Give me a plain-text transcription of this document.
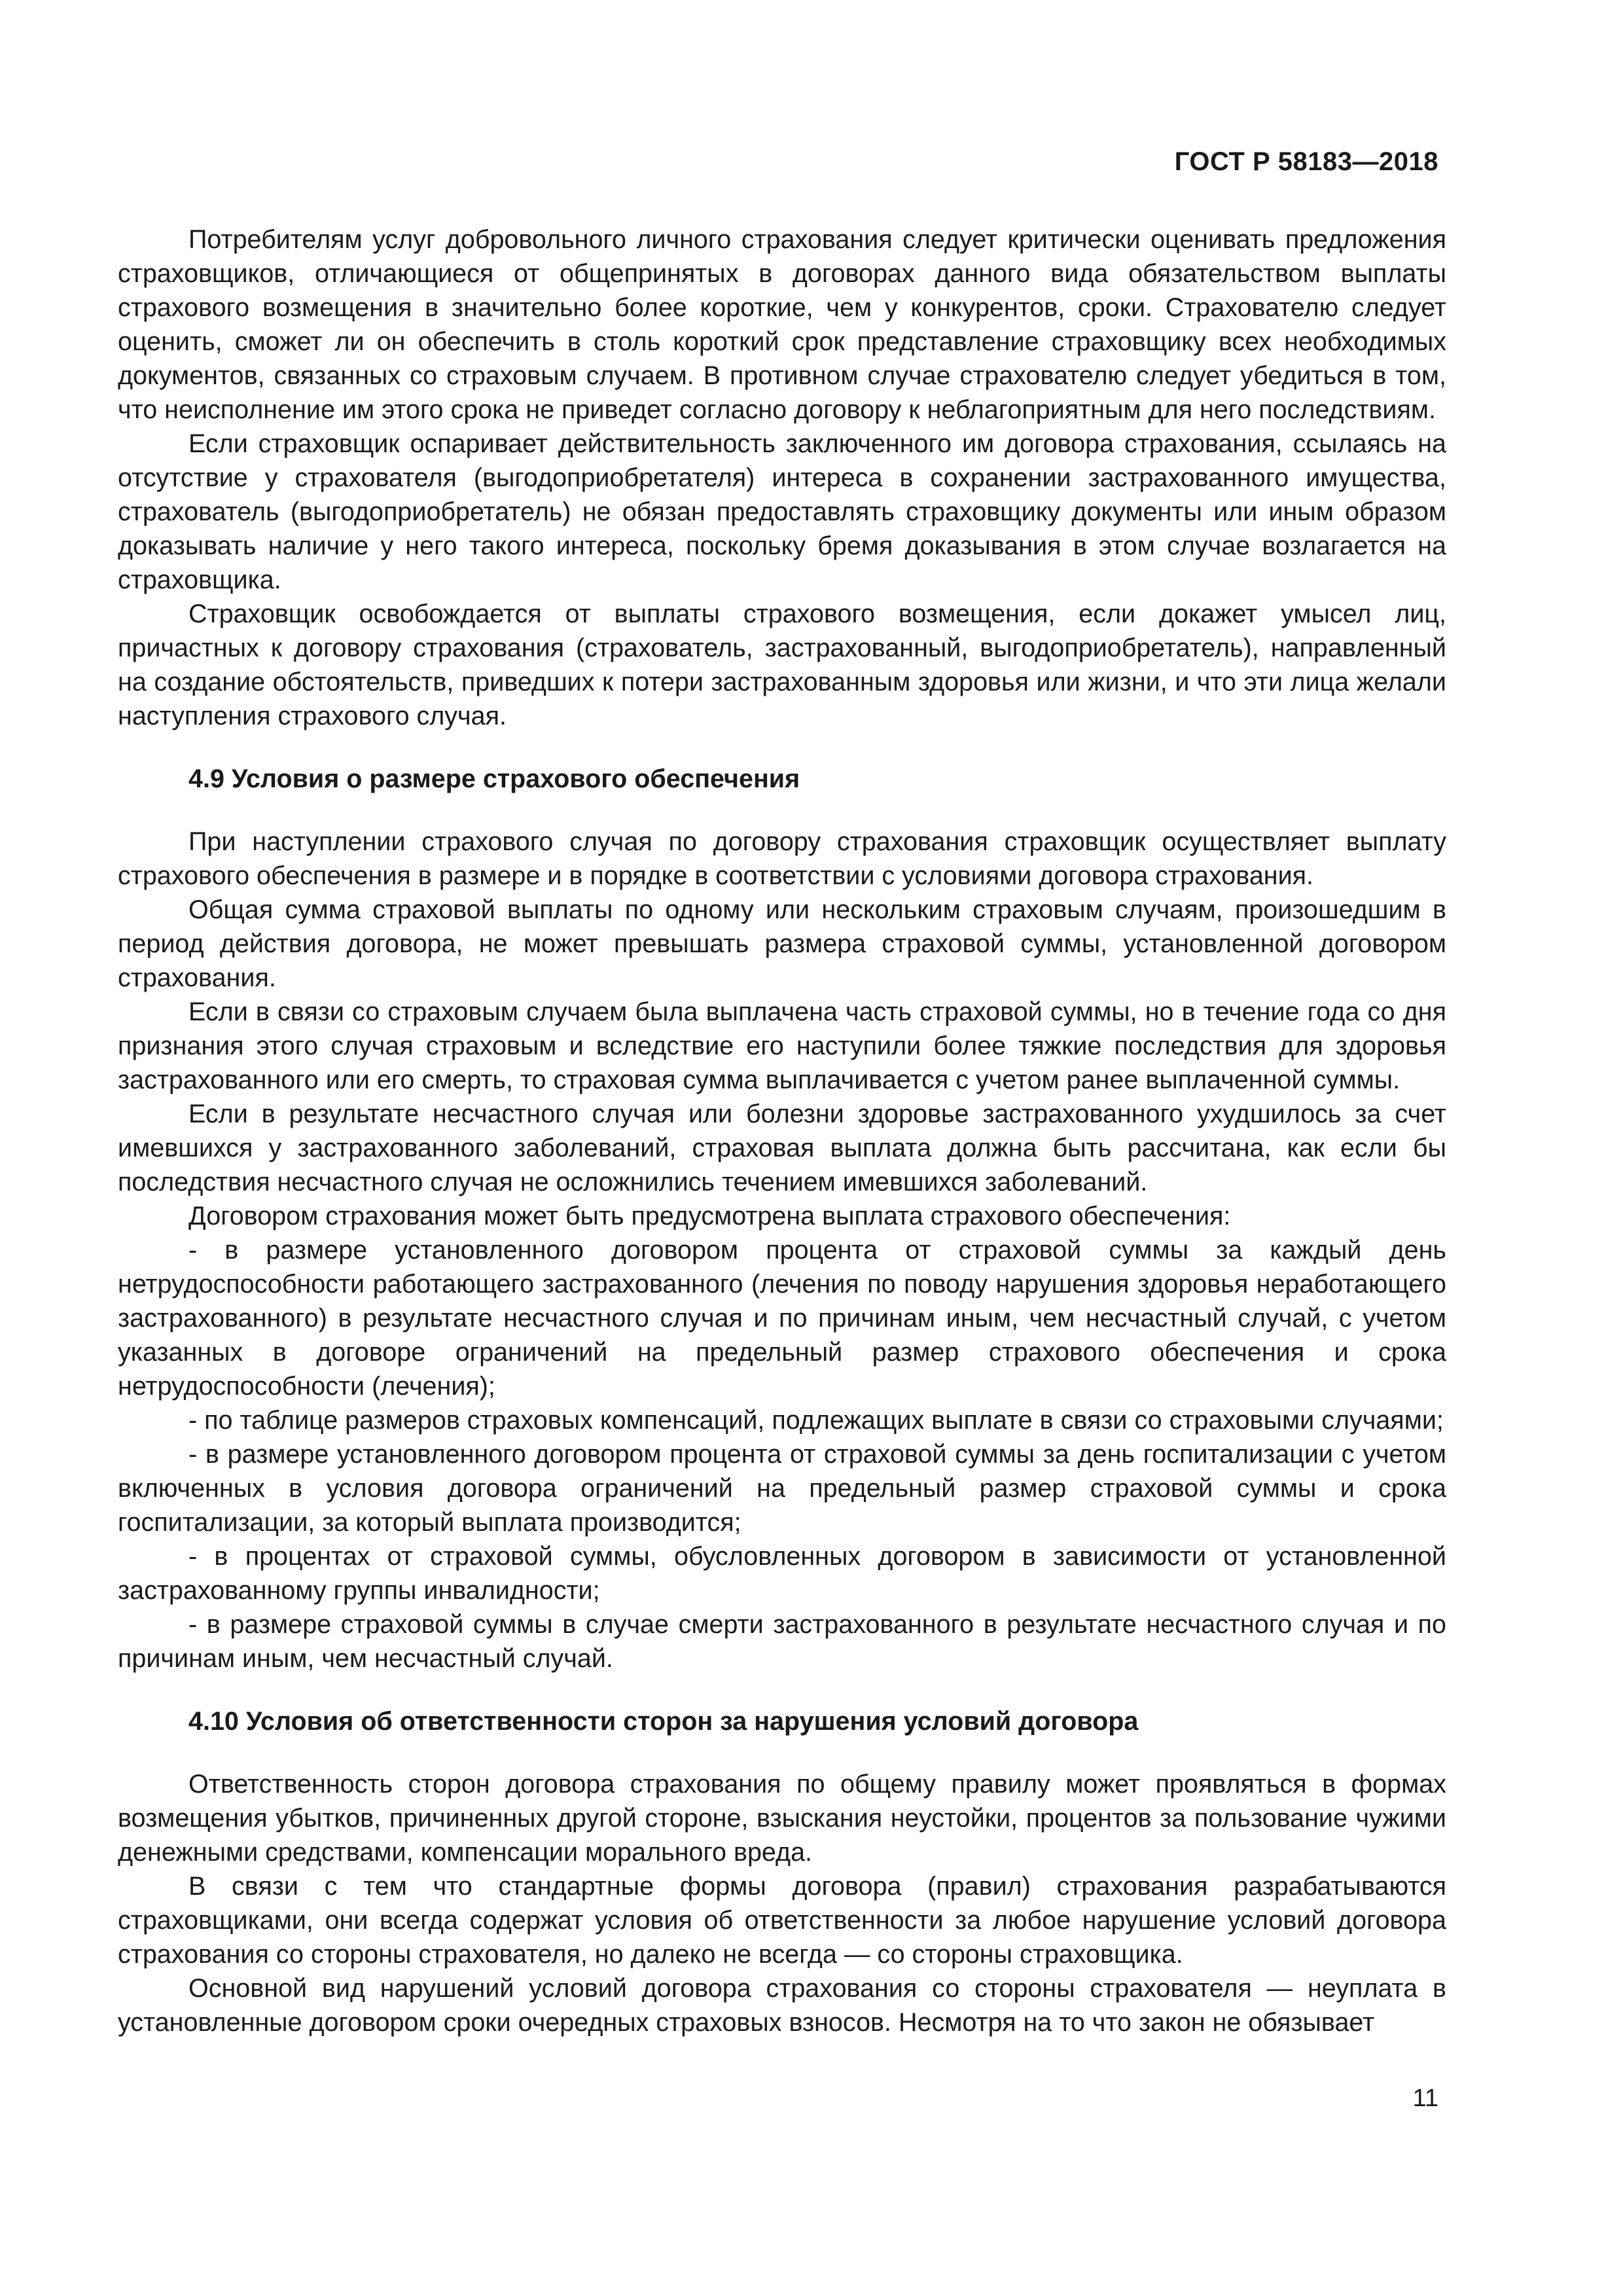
ГОСТ Р 58183—2018

Потребителям услуг добровольного личного страхования следует критически оценивать предложения страховщиков, отличающиеся от общепринятых в договорах данного вида обязательством выплаты страхового возмещения в значительно более короткие, чем у конкурентов, сроки. Страхователю следует оценить, сможет ли он обеспечить в столь короткий срок представление страховщику всех необходимых документов, связанных со страховым случаем. В противном случае страхователю следует убедиться в том, что неисполнение им этого срока не приведет согласно договору к неблагоприятным для него последствиям.

Если страховщик оспаривает действительность заключенного им договора страхования, ссылаясь на отсутствие у страхователя (выгодоприобретателя) интереса в сохранении застрахованного имущества, страхователь (выгодоприобретатель) не обязан предоставлять страховщику документы или иным образом доказывать наличие у него такого интереса, поскольку бремя доказывания в этом случае возлагается на страховщика.

Страховщик освобождается от выплаты страхового возмещения, если докажет умысел лиц, причастных к договору страхования (страхователь, застрахованный, выгодоприобретатель), направленный на создание обстоятельств, приведших к потери застрахованным здоровья или жизни, и что эти лица желали наступления страхового случая.

4.9 Условия о размере страхового обеспечения

При наступлении страхового случая по договору страхования страховщик осуществляет выплату страхового обеспечения в размере и в порядке в соответствии с условиями договора страхования.

Общая сумма страховой выплаты по одному или нескольким страховым случаям, произошедшим в период действия договора, не может превышать размера страховой суммы, установленной договором страхования.

Если в связи со страховым случаем была выплачена часть страховой суммы, но в течение года со дня признания этого случая страховым и вследствие его наступили более тяжкие последствия для здоровья застрахованного или его смерть, то страховая сумма выплачивается с учетом ранее выплаченной суммы.

Если в результате несчастного случая или болезни здоровье застрахованного ухудшилось за счет имевшихся у застрахованного заболеваний, страховая выплата должна быть рассчитана, как если бы последствия несчастного случая не осложнились течением имевшихся заболеваний.

Договором страхования может быть предусмотрена выплата страхового обеспечения:

- в размере установленного договором процента от страховой суммы за каждый день нетрудоспособности работающего застрахованного (лечения по поводу нарушения здоровья неработающего застрахованного) в результате несчастного случая и по причинам иным, чем несчастный случай, с учетом указанных в договоре ограничений на предельный размер страхового обеспечения и срока нетрудоспособности (лечения);

- по таблице размеров страховых компенсаций, подлежащих выплате в связи со страховыми случаями;

- в размере установленного договором процента от страховой суммы за день госпитализации с учетом включенных в условия договора ограничений на предельный размер страховой суммы и срока госпитализации, за который выплата производится;

- в процентах от страховой суммы, обусловленных договором в зависимости от установленной застрахованному группы инвалидности;

- в размере страховой суммы в случае смерти застрахованного в результате несчастного случая и по причинам иным, чем несчастный случай.

4.10 Условия об ответственности сторон за нарушения условий договора

Ответственность сторон договора страхования по общему правилу может проявляться в формах возмещения убытков, причиненных другой стороне, взыскания неустойки, процентов за пользование чужими денежными средствами, компенсации морального вреда.

В связи с тем что стандартные формы договора (правил) страхования разрабатываются страховщиками, они всегда содержат условия об ответственности за любое нарушение условий договора страхования со стороны страхователя, но далеко не всегда — со стороны страховщика.

Основной вид нарушений условий договора страхования со стороны страхователя — неуплата в установленные договором сроки очередных страховых взносов. Несмотря на то что закон не обязывает

11
